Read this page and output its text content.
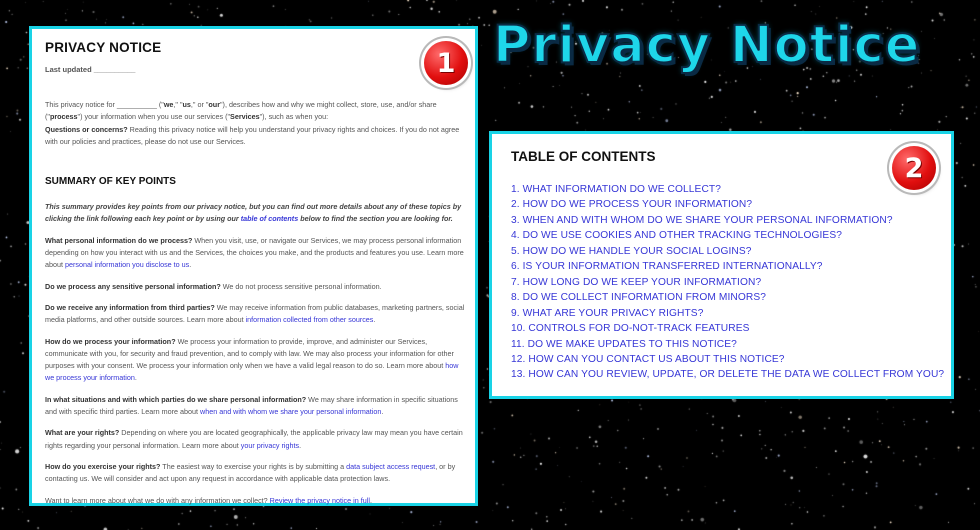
Privacy Notice
PRIVACY NOTICE

Last updated __________	1

This privacy notice for __________ ("we," "us," or "our"), describes how and why we might collect, store, use, and/or share ("process") your information when you use our services ("Services"), such as when you:
Questions or concerns? Reading this privacy notice will help you understand your privacy rights and choices. If you do not agree with our policies and practices, please do not use our Services.

SUMMARY OF KEY POINTS

This summary provides key points from our privacy notice, but you can find out more details about any of these topics by clicking the link following each key point or by using our table of contents below to find the section you are looking for.

What personal information do we process? When you visit, use, or navigate our Services, we may process personal information depending on how you interact with us and the Services, the choices you make, and the products and features you use. Learn more about personal information you disclose to us.

Do we process any sensitive personal information? We do not process sensitive personal information.

Do we receive any information from third parties? We may receive information from public databases, marketing partners, social media platforms, and other outside sources. Learn more about information collected from other sources.

How do we process your information? We process your information to provide, improve, and administer our Services, communicate with you, for security and fraud prevention, and to comply with law. We may also process your information for other purposes with your consent. We process your information only when we have a valid legal reason to do so. Learn more about how we process your information.

In what situations and with which parties do we share personal information? We may share information in specific situations and with specific third parties. Learn more about when and with whom we share your personal information.

What are your rights? Depending on where you are located geographically, the applicable privacy law may mean you have certain rights regarding your personal information. Learn more about your privacy rights.

How do you exercise your rights? The easiest way to exercise your rights is by submitting a data subject access request, or by contacting us. We will consider and act upon any request in accordance with applicable data protection laws.

Want to learn more about what we do with any information we collect? Review the privacy notice in full.

TABLE OF CONTENTS	2
1. WHAT INFORMATION DO WE COLLECT?
2. HOW DO WE PROCESS YOUR INFORMATION?
3. WHEN AND WITH WHOM DO WE SHARE YOUR PERSONAL INFORMATION?
4. DO WE USE COOKIES AND OTHER TRACKING TECHNOLOGIES?
5. HOW DO WE HANDLE YOUR SOCIAL LOGINS?
6. IS YOUR INFORMATION TRANSFERRED INTERNATIONALLY?
7. HOW LONG DO WE KEEP YOUR INFORMATION?
8. DO WE COLLECT INFORMATION FROM MINORS?
9. WHAT ARE YOUR PRIVACY RIGHTS?
10. CONTROLS FOR DO-NOT-TRACK FEATURES
11. DO WE MAKE UPDATES TO THIS NOTICE?
12. HOW CAN YOU CONTACT US ABOUT THIS NOTICE?
13. HOW CAN YOU REVIEW, UPDATE, OR DELETE THE DATA WE COLLECT FROM YOU?
